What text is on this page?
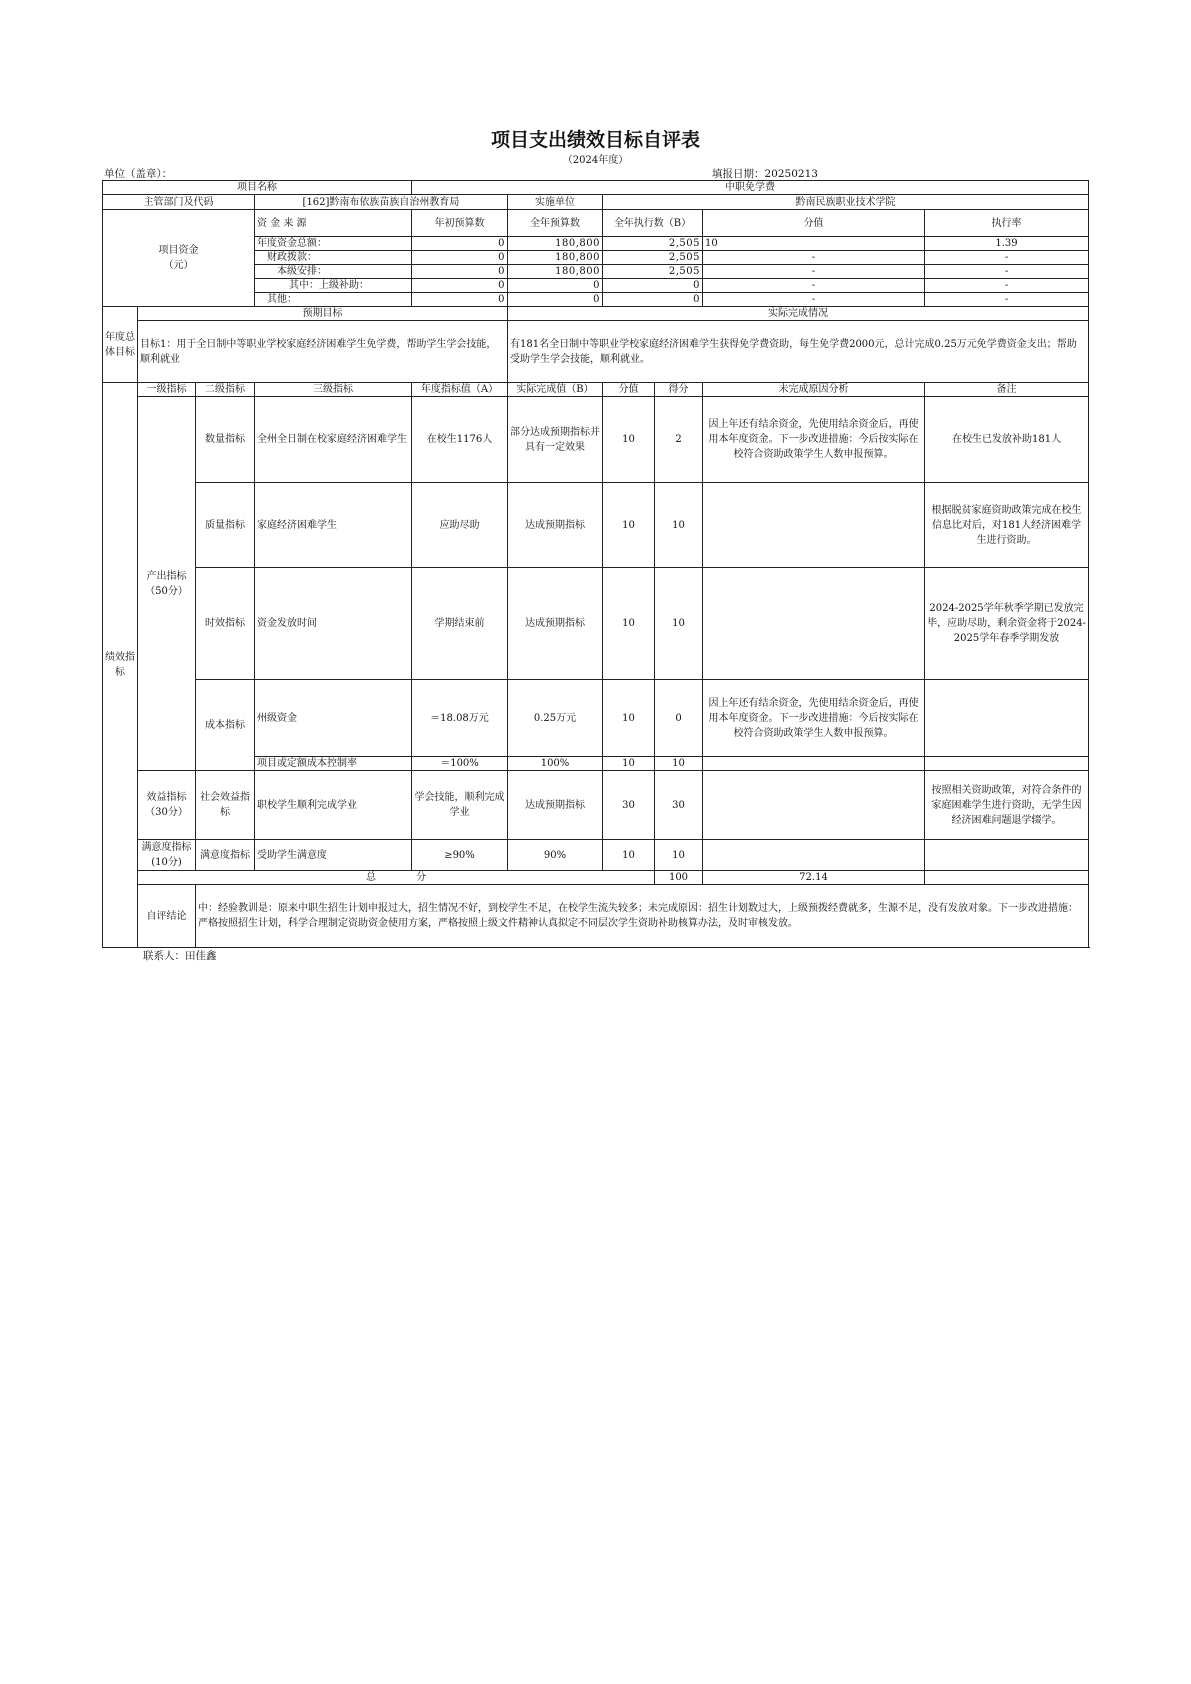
项目支出绩效目标自评表
（2024年度）
单位（盖章）：	填报日期：20250213
项目名称				中职免学费						
主管部门及代码			[162]黔南布依族苗族自治州教育局		实施单位	黔南民族职业技术学院				
项目资金
（元）			资 金 来 源	年初预算数	全年预算数	全年执行数（B）		分值	执行率	
			年度资金总额：	0	180,800	2,505		10	1.39	
			财政拨款：	0	180,800	2,505		-	-	
			本级安排：	0	180,800	2,505		-	-	
			其中：上级补助：	0	0	0		-	-	
			其他：	0	0	0		-	-	
年度总体目标	预期目标				实际完成情况					
	目标1：用于全日制中等职业学校家庭经济困难学生免学费，帮助学生学会技能，顺利就业				有181名全日制中等职业学校家庭经济困难学生获得免学费资助，每生免学费2000元，总计完成0.25万元免学费资金支出；帮助受助学生学会技能，顺利就业。					
绩效指标	一级指标	二级指标	三级指标	年度指标值（A）	实际完成值（B）	分值	得分	未完成原因分析	备注	
	产出指标（50分）	数量指标	全州全日制在校家庭经济困难学生	在校生1176人	部分达成预期指标并具有一定效果	10	2	因上年还有结余资金，先使用结余资金后，再使用本年度资金。下一步改进措施：今后按实际在校符合资助政策学生人数申报预算。	在校生已发放补助181人	
		质量指标	家庭经济困难学生	应助尽助	达成预期指标	10	10		根据脱贫家庭资助政策完成在校生信息比对后，对181人经济困难学生进行资助。	
		时效指标	资金发放时间	学期结束前	达成预期指标	10	10		2024-2025学年秋季学期已发放完毕，应助尽助，剩余资金将于2024-2025学年春季学期发放	
		成本指标	州级资金	＝18.08万元	0.25万元	10	0	因上年还有结余资金，先使用结余资金后，再使用本年度资金。下一步改进措施：今后按实际在校符合资助政策学生人数申报预算。		
			项目或定额成本控制率	＝100%	100%	10	10			
	效益指标（30分）	社会效益指标	职校学生顺利完成学业	学会技能，顺利完成学业	达成预期指标	30	30		按照相关资助政策，对符合条件的家庭困难学生进行资助，无学生因经济困难问题退学辍学。	
	满意度指标(10分)	满意度指标	受助学生满意度	≥90%	90%	10	10			
	总　　　　分						100	72.14		
	自评结论	中：经验教训是：原来中职生招生计划申报过大，招生情况不好，到校学生不足，在校学生流失较多；未完成原因：招生计划数过大，上级预拨经费就多，生源不足，没有发放对象。下一步改进措施：严格按照招生计划，科学合理制定资助资金使用方案，严格按照上级文件精神认真拟定不同层次学生资助补助核算办法，及时审核发放。								
联系人：田佳鑫
